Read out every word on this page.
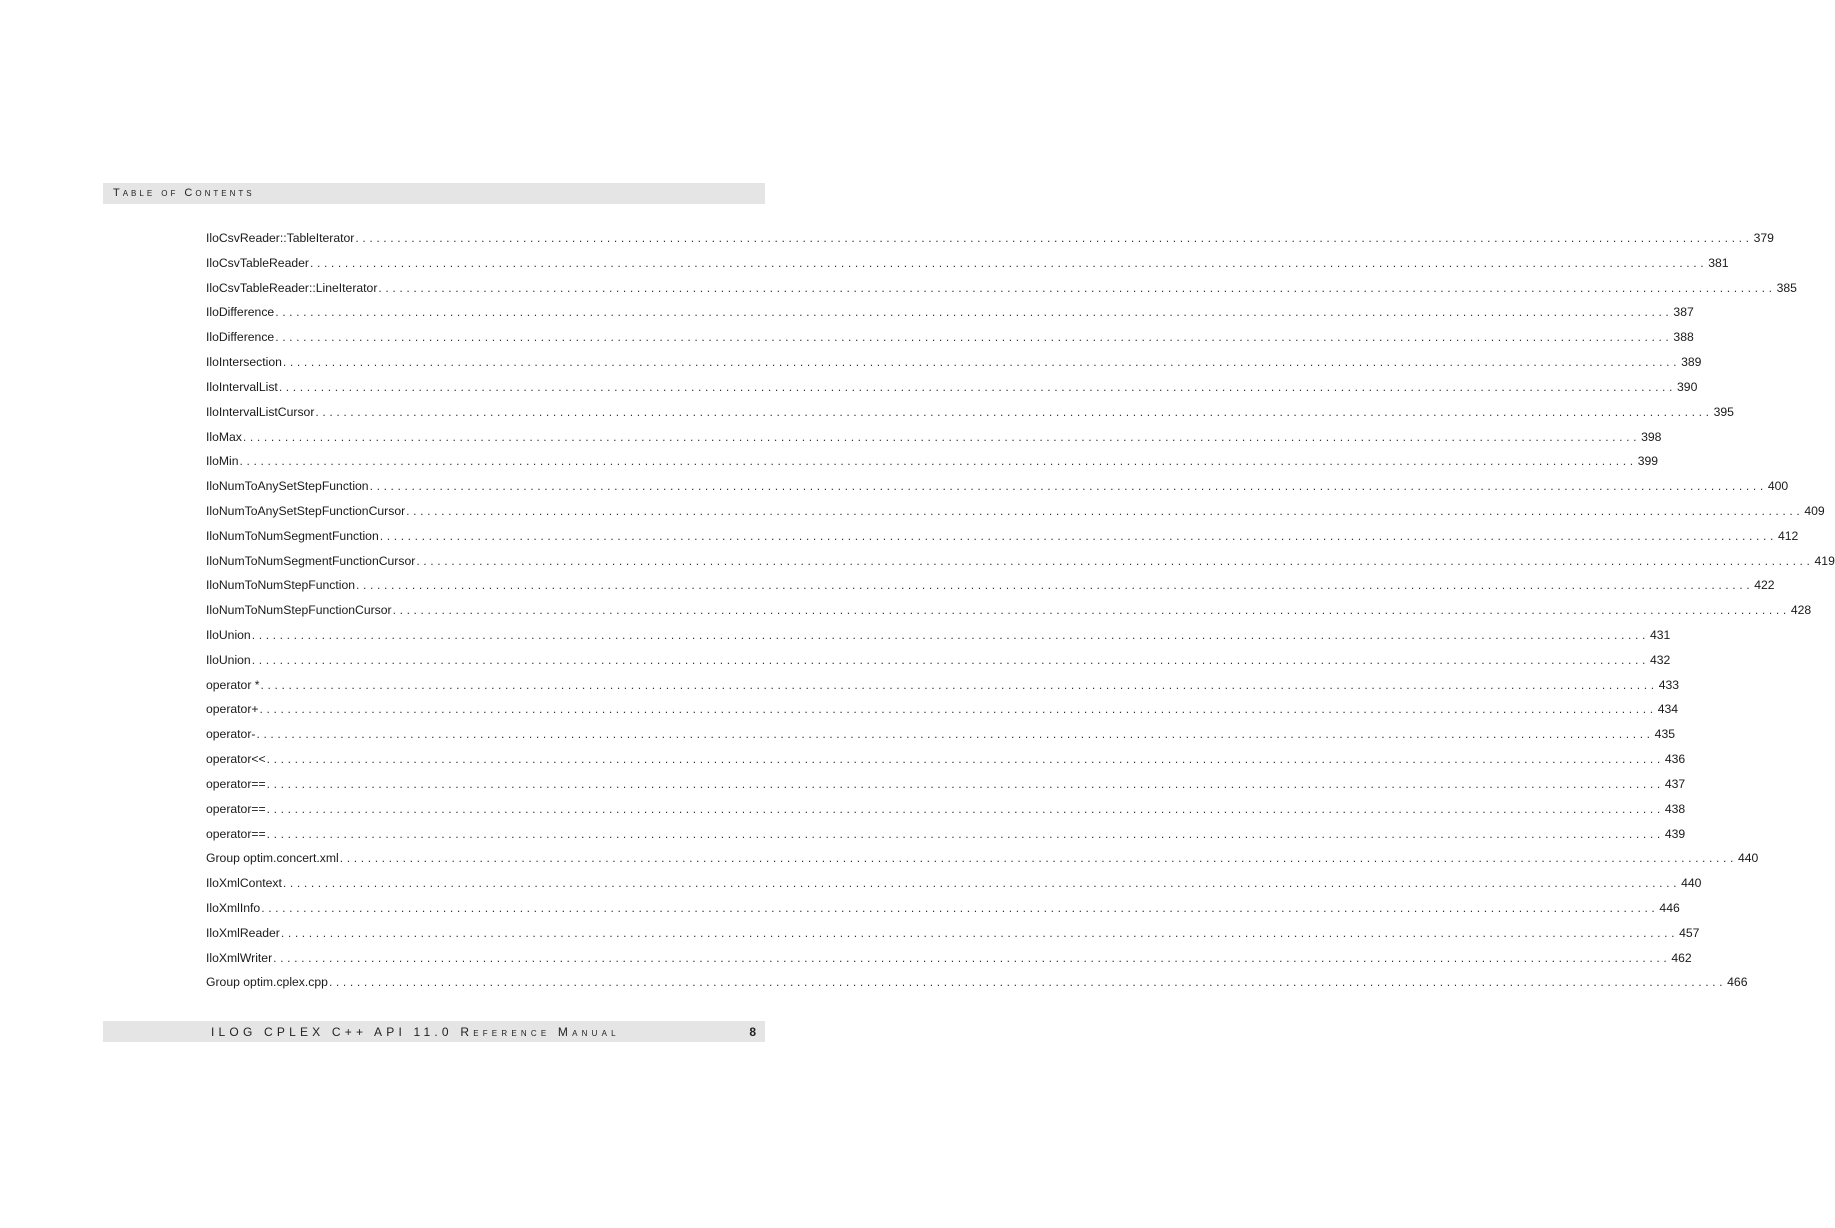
Table of Contents
IloCsvReader::TableIterator ........................................................................................................................................................................................................ 379
IloCsvTableReader ........................................................................................................................................................................................................ 381
IloCsvTableReader::LineIterator ........................................................................................................................................................................................................ 385
IloDifference ........................................................................................................................................................................................................ 387
IloDifference ........................................................................................................................................................................................................ 388
IloIntersection ........................................................................................................................................................................................................ 389
IloIntervalList ........................................................................................................................................................................................................ 390
IloIntervalListCursor ........................................................................................................................................................................................................ 395
IloMax ........................................................................................................................................................................................................ 398
IloMin ........................................................................................................................................................................................................ 399
IloNumToAnySetStepFunction ........................................................................................................................................................................................................ 400
IloNumToAnySetStepFunctionCursor ........................................................................................................................................................................................................ 409
IloNumToNumSegmentFunction ........................................................................................................................................................................................................ 412
IloNumToNumSegmentFunctionCursor ........................................................................................................................................................................................................ 419
IloNumToNumStepFunction ........................................................................................................................................................................................................ 422
IloNumToNumStepFunctionCursor ........................................................................................................................................................................................................ 428
IloUnion ........................................................................................................................................................................................................ 431
IloUnion ........................................................................................................................................................................................................ 432
operator * ........................................................................................................................................................................................................ 433
operator+ ........................................................................................................................................................................................................ 434
operator- ........................................................................................................................................................................................................ 435
operator<< ........................................................................................................................................................................................................ 436
operator== ........................................................................................................................................................................................................ 437
operator== ........................................................................................................................................................................................................ 438
operator== ........................................................................................................................................................................................................ 439
Group optim.concert.xml ........................................................................................................................................................................................................ 440
IloXmlContext ........................................................................................................................................................................................................ 440
IloXmlInfo ........................................................................................................................................................................................................ 446
IloXmlReader ........................................................................................................................................................................................................ 457
IloXmlWriter ........................................................................................................................................................................................................ 462
Group optim.cplex.cpp ........................................................................................................................................................................................................ 466
ILOG CPLEX C++ API 11.0 Reference Manual	8
